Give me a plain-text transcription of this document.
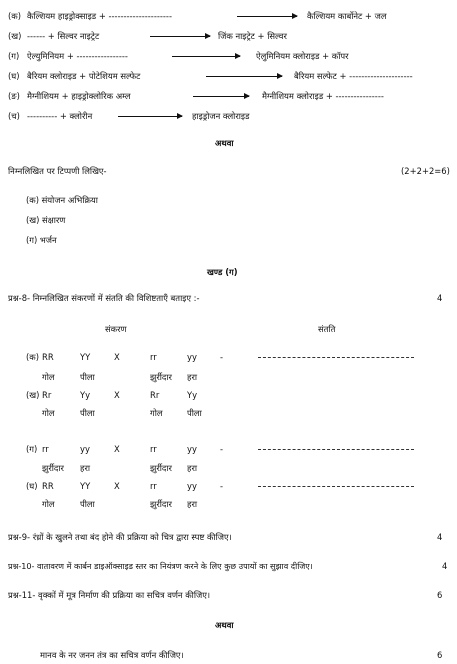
(क) कैल्शियम हाइड्रोक्साइड + ---------------------	कैल्शियम कार्बोनेट + जल
(ख) ------ + सिल्वर नाइट्रेट	जिंक नाइट्रेट + सिल्वर
(ग) ऐल्युमिनियम + -----------------	ऐलुमिनियम क्लोराइड + कॉपर
(घ) बैरियम क्लोराइड + पोटेशियम सल्फेट	बैरियम सल्फेट + ---------------------
(ङ) मैग्नीशियम + हाइड्रोक्लोरिक अम्ल	मैग्नीशियम क्लोराइड + ----------------
(च) ---------- + क्लोरीन	हाइड्रोजन क्लोराइड
अथवा
निम्नलिखित पर टिप्पणी लिखिए-	(2+2+2=6)
(क) संयोजन अभिक्रिया
(ख) संक्षारण
(ग) भर्जन
खण्ड (ग)
प्रश्न-8- निम्नलिखित संकरणों में संतति की विशिष्टताएँ बताइए :-	4
संकरण	संतति
(क) RR	YY	X	rr	yy	-
गोल	पीला	झुर्रीदार हरा
(ख) Rr	Yy	X	Rr	Yy
गोल	पीला	गोल	पीला
(ग) rr	yy	X	rr	yy	-
झुर्रीदार हरा	झुर्रीदार हरा
(घ) RR	YY	X	rr	yy	-
गोल	पीला	झुर्रीदार हरा
प्रश्न-9- रंध्रों के खुलने तथा बंद होने की प्रक्रिया को चित्र द्वारा स्पष्ट कीजिए।	4
प्रश्न-10- वातावरण में कार्बन डाइऑक्साइड स्तर का नियंत्रण करने के लिए कुछ उपायों का सुझाव दीजिए।	4
प्रश्न-11- वृक्कों में मूत्र निर्माण की प्रक्रिया का सचित्र वर्णन कीजिए।	6
अथवा
मानव के नर जनन तंत्र का सचित्र वर्णन कीजिए।	6
